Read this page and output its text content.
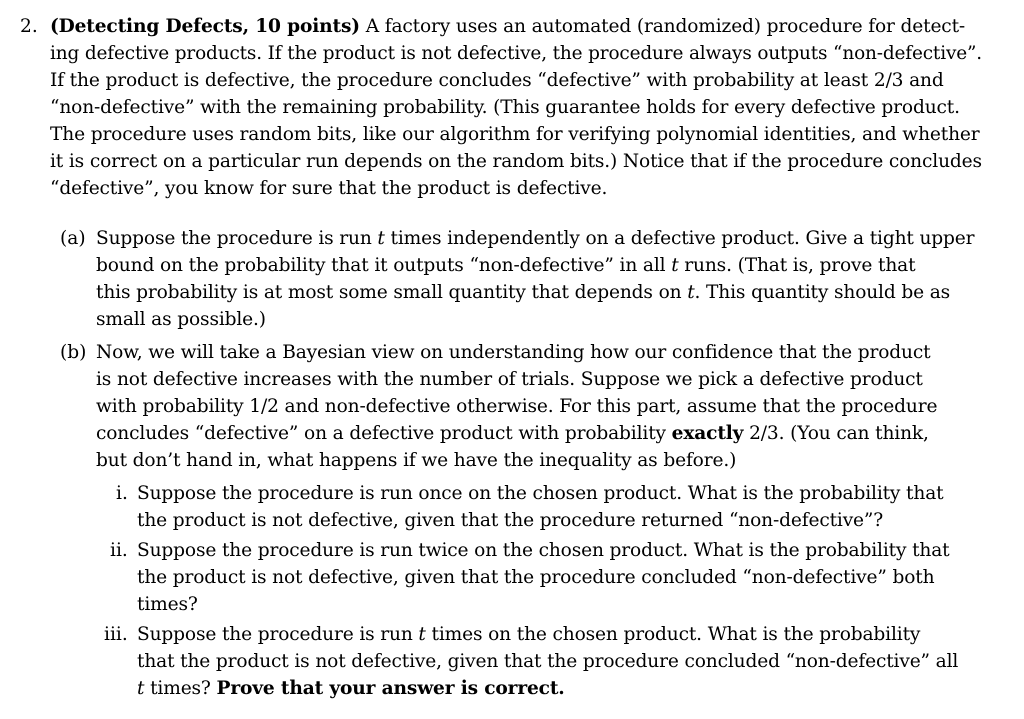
2. (Detecting Defects, 10 points) A factory uses an automated (randomized) procedure for detect-

ing defective products. If the product is not defective, the procedure always outputs “non-defective”.

If the product is defective, the procedure concludes “defective” with probability at least 2/3 and

“non-defective” with the remaining probability. (This guarantee holds for every defective product.

The procedure uses random bits, like our algorithm for verifying polynomial identities, and whether

it is correct on a particular run depends on the random bits.) Notice that if the procedure concludes

“defective”, you know for sure that the product is defective.

(a) Suppose the procedure is run t times independently on a defective product. Give a tight upper

bound on the probability that it outputs “non-defective” in all t runs. (That is, prove that

this probability is at most some small quantity that depends on t. This quantity should be as

small as possible.)

(b) Now, we will take a Bayesian view on understanding how our confidence that the product

is not defective increases with the number of trials. Suppose we pick a defective product

with probability 1/2 and non-defective otherwise. For this part, assume that the procedure

concludes “defective” on a defective product with probability exactly 2/3. (You can think,

but don’t hand in, what happens if we have the inequality as before.)

i. Suppose the procedure is run once on the chosen product. What is the probability that

the product is not defective, given that the procedure returned “non-defective”?

ii. Suppose the procedure is run twice on the chosen product. What is the probability that

the product is not defective, given that the procedure concluded “non-defective” both

times?

iii. Suppose the procedure is run t times on the chosen product. What is the probability

that the product is not defective, given that the procedure concluded “non-defective” all

t times? Prove that your answer is correct.
